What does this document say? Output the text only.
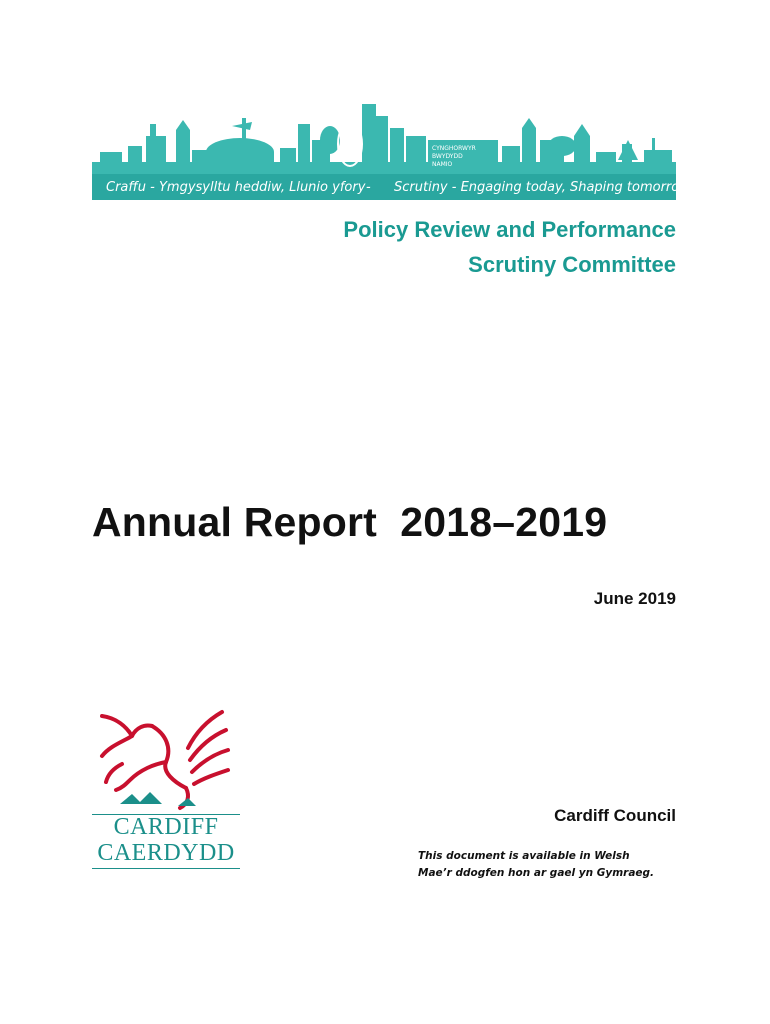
CYNGHORWYR
BWYDYDD
NAMIO
Craffu - Ymgysylltu heddiw, Llunio yfory - Scrutiny - Engaging today, Shaping tomorrow
Policy Review and Performance
Scrutiny Committee
Annual Report  2018–2019
June 2019
CARDIFF
CAERDYDD
Cardiff Council
This document is available in Welsh
Mae’r ddogfen hon ar gael yn Gymraeg.
